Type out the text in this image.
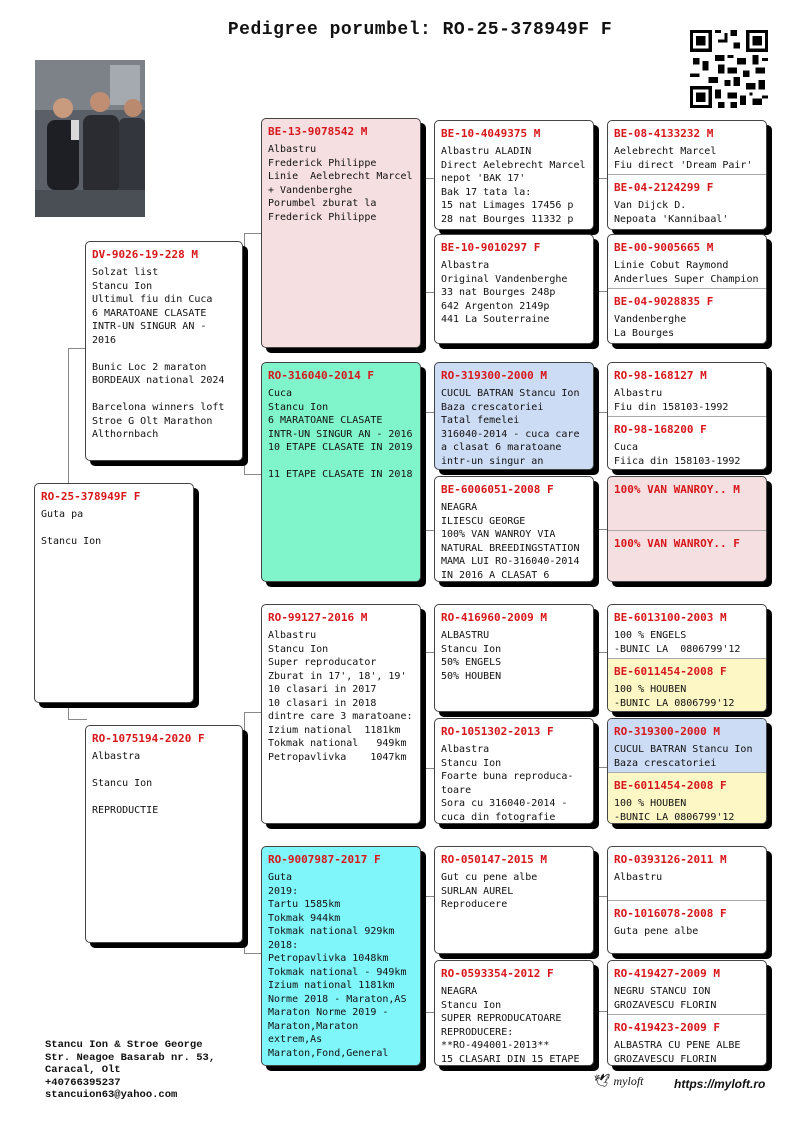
Pedigree porumbel: RO-25-378949F F
RO-25-378949F F
Guta pa

Stancu Ion
DV-9026-19-228 M
Solzat list
Stancu Ion
Ultimul fiu din Cuca
6 MARATOANE CLASATE
INTR-UN SINGUR AN - 2016

Bunic Loc 2 maraton
BORDEAUX national 2024

Barcelona winners loft
Stroe G Olt Marathon
Althornbach
RO-1075194-2020 F
Albastra

Stancu Ion

REPRODUCTIE
BE-13-9078542 M
Albastru
Frederick Philippe
Linie  Aelebrecht Marcel
+ Vandenberghe
Porumbel zburat la
Frederick Philippe
RO-316040-2014 F
Cuca
Stancu Ion
6 MARATOANE CLASATE
INTR-UN SINGUR AN - 2016
10 ETAPE CLASATE IN 2019

11 ETAPE CLASATE IN 2018
RO-99127-2016 M
Albastru
Stancu Ion
Super reproducator
Zburat in 17', 18', 19'
10 clasari in 2017
10 clasari in 2018 dintre care 3 maratoane:
Izium national  1181km
Tokmak national   949km
Petropavlivka    1047km
RO-9007987-2017 F
Guta
2019:
Tartu 1585km
Tokmak 944km
Tokmak national 929km
2018:
Petropavlivka 1048km
Tokmak national - 949km
Izium national 1181km
Norme 2018 - Maraton,AS
Maraton Norme 2019 - Maraton,Maraton extrem,As Maraton,Fond,General
BE-10-4049375 M
Albastru ALADIN
Direct Aelebrecht Marcel
nepot 'BAK 17'
Bak 17 tata la:
15 nat Limages 17456 p
28 nat Bourges 11332 p
BE-10-9010297 F
Albastra
Original Vandenberghe
33 nat Bourges 248p
642 Argenton 2149p
441 La Souterraine
RO-319300-2000 M
CUCUL BATRAN Stancu Ion
Baza crescatoriei
Tatal femelei
316040-2014 - cuca care
a clasat 6 maratoane intr-un singur an
BE-6006051-2008 F
NEAGRA
ILIESCU GEORGE
100% VAN WANROY VIA
NATURAL BREEDINGSTATION
MAMA LUI RO-316040-2014
IN 2016 A CLASAT 6
RO-416960-2009 M
ALBASTRU
Stancu Ion
50% ENGELS
50% HOUBEN
RO-1051302-2013 F
Albastra
Stancu Ion
Foarte buna reproduca-
toare
Sora cu 316040-2014 -
cuca din fotografie
RO-050147-2015 M
Gut cu pene albe
SURLAN AUREL
Reproducere
RO-0593354-2012 F
NEAGRA
Stancu Ion
SUPER REPRODUCATOARE
REPRODUCERE:
**RO-494001-2013**
15 CLASARI DIN 15 ETAPE
BE-08-4133232 M
Aelebrecht Marcel
Fiu direct 'Dream Pair'
BE-04-2124299 F
Van Dijck D.
Nepoata 'Kannibaal'
BE-00-9005665 M
Linie Cobut Raymond
Anderlues Super Champion
BE-04-9028835 F
Vandenberghe
La Bourges
RO-98-168127 M
Albastru
Fiu din 158103-1992
RO-98-168200 F
Cuca
Fiica din 158103-1992
100% VAN WANROY.. M
100% VAN WANROY.. F
BE-6013100-2003 M
100 % ENGELS
-BUNIC LA  0806799'12
BE-6011454-2008 F
100 % HOUBEN
-BUNIC LA 0806799'12
RO-319300-2000 M
CUCUL BATRAN Stancu Ion
Baza crescatoriei
BE-6011454-2008 F
100 % HOUBEN
-BUNIC LA 0806799'12
RO-0393126-2011 M
Albastru
RO-1016078-2008 F
Guta pene albe
RO-419427-2009 M
NEGRU STANCU ION
GROZAVESCU FLORIN
RO-419423-2009 F
ALBASTRA CU PENE ALBE
GROZAVESCU FLORIN
Stancu Ion & Stroe George
Str. Neagoe Basarab nr. 53,
Caracal, Olt
+40766395237
stancuion63@yahoo.com
🕊 myloft	https://myloft.ro
